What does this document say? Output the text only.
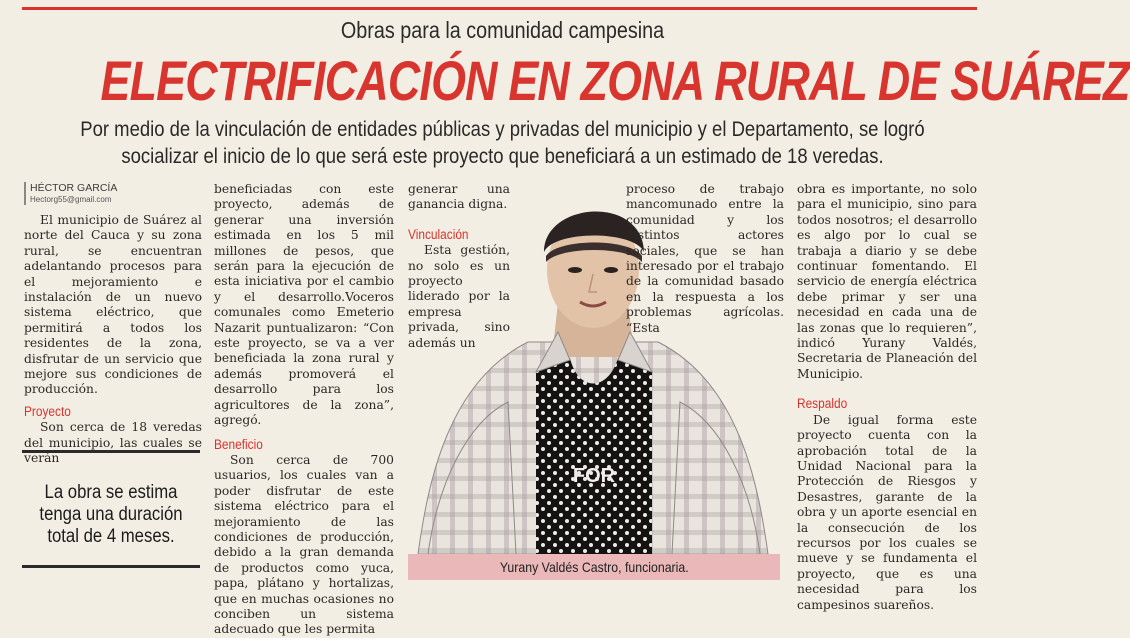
Obras para la comunidad campesina
ELECTRIFICACIÓN EN ZONA RURAL DE SUÁREZ
Por medio de la vinculación de entidades públicas y privadas del municipio y el Departamento, se logró
socializar el inicio de lo que será este proyecto que beneficiará a un estimado de 18 veredas.
HÉCTOR GARCÍA
Hectorg55@gmail.com

El municipio de Suárez al norte del Cauca y su zona rural, se encuentran adelantando procesos para el mejoramiento e instalación de un nuevo sistema eléctrico, que permitirá a todos los residentes de la zona, disfrutar de un servicio que mejore sus condiciones de producción.

Proyecto

Son cerca de 18 veredas del municipio, las cuales se verán

La obra se estima tenga una duración total de 4 meses.

beneficiadas con este proyecto, además de generar una inversión estimada en los 5 mil millones de pesos, que serán para la ejecución de esta iniciativa por el cambio y el desarrollo.Voceros comunales como Emeterio Nazarit puntualizaron: “Con este proyecto, se va a ver beneficiada la zona rural y además promoverá el desarrollo para los agricultores de la zona”, agregó.

Beneficio

Son cerca de 700 usuarios, los cuales van a poder disfrutar de este sistema eléctrico para el mejoramiento de las condiciones de producción, debido a la gran demanda de productos como yuca, papa, plátano y hortalizas, que en muchas ocasiones no conciben un sistema adecuado que les permita

generar una ganancia digna.

Vinculación

Esta gestión, no solo es un proyecto liderado por la empresa privada, sino además un

proceso de trabajo mancomunado entre la comunidad y los distintos actores sociales, que se han interesado por el trabajo de la comunidad basado en la respuesta a los problemas agrícolas. “Esta

obra es importante, no solo para el municipio, sino para todos nosotros; el desarrollo es algo por lo cual se trabaja a diario y se debe continuar fomentando. El servicio de energía eléctrica debe primar y ser una necesidad en cada una de las zonas que lo requieren”, indicó Yurany Valdés, Secretaria de Planeación del Municipio.

Respaldo

De igual forma este proyecto cuenta con la aprobación total de la Unidad Nacional para la Protección de Riesgos y Desastres, garante de la obra y un aporte esencial en la consecución de los recursos por los cuales se mueve y se fundamenta el proyecto, que es una necesidad para los campesinos suareños.

FOR
Yurany Valdés Castro, funcionaria.
